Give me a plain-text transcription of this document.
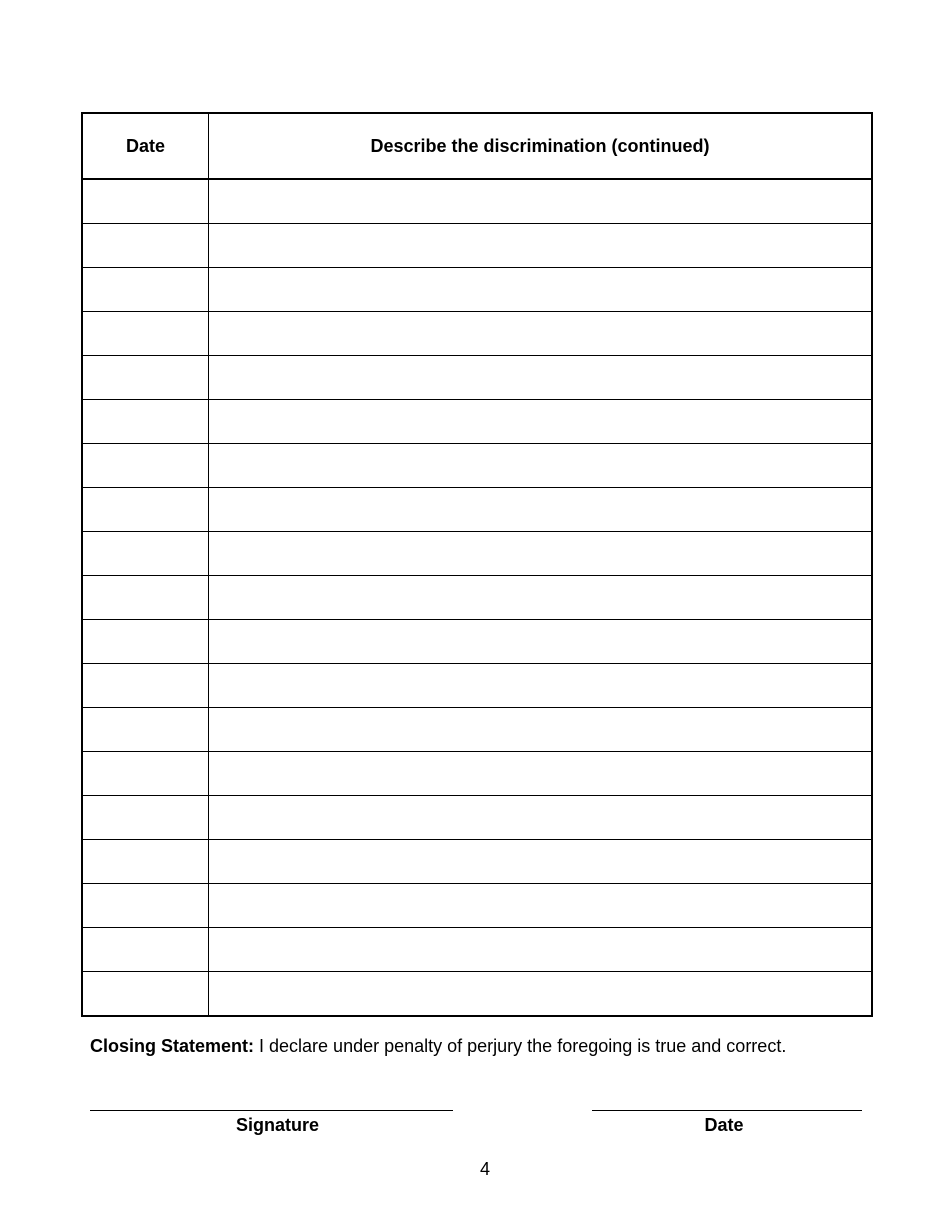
Date	Describe the discrimination (continued)
Closing Statement: I declare under penalty of perjury the foregoing is true and correct.
Signature	Date
4
